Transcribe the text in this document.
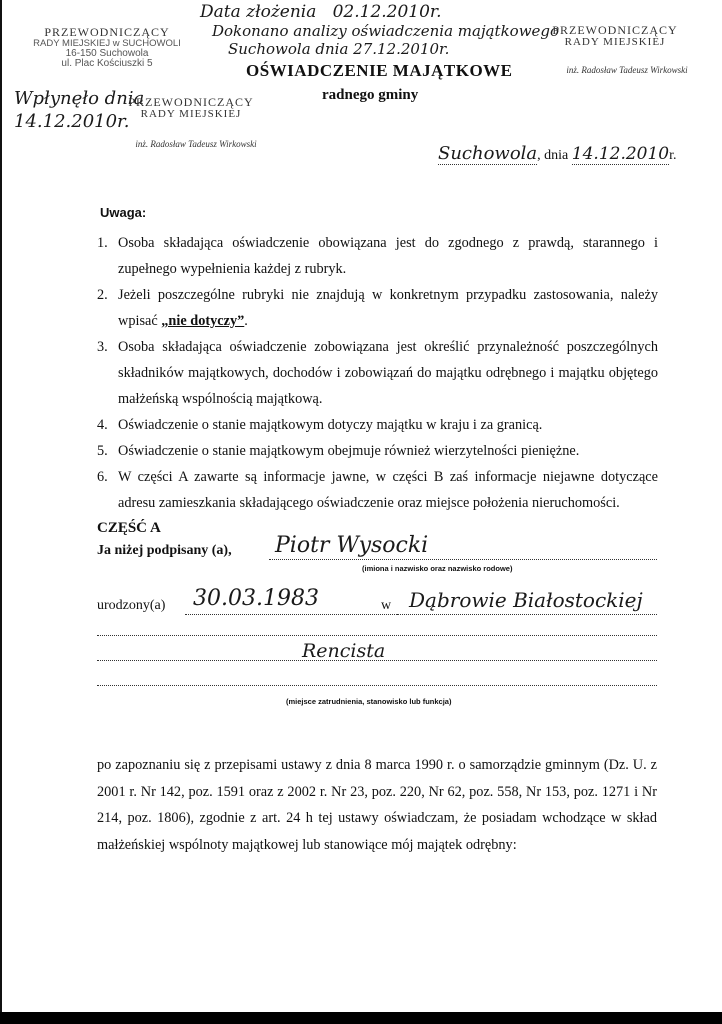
PRZEWODNICZĄCY
RADY MIEJSKIEJ w SUCHOWOLI
16-150 Suchowola
ul. Plac Kościuszki 5
Data złożenia   02.12.2010r.
Dokonano analizy oświadczenia majątkowego
Suchowola dnia 27.12.2010r.
PRZEWODNICZĄCY
RADY MIEJSKIEJ
inż. Radosław Tadeusz Wirkowski
OŚWIADCZENIE MAJĄTKOWE
radnego gminy
Wpłynęło dnia
14.12.2010r.
PRZEWODNICZĄCY
RADY MIEJSKIEJ
inż. Radosław Tadeusz Wirkowski	Suchowola, dnia 14.12.2010r.
Uwaga:
1. Osoba składająca oświadczenie obowiązana jest do zgodnego z prawdą, starannego i zupełnego wypełnienia każdej z rubryk.
2. Jeżeli poszczególne rubryki nie znajdują w konkretnym przypadku zastosowania, należy wpisać „nie dotyczy”.
3. Osoba składająca oświadczenie zobowiązana jest określić przynależność poszczególnych składników majątkowych, dochodów i zobowiązań do majątku odrębnego i majątku objętego małżeńską wspólnością majątkową.
4. Oświadczenie o stanie majątkowym dotyczy majątku w kraju i za granicą.
5. Oświadczenie o stanie majątkowym obejmuje również wierzytelności pieniężne.
6. W części A zawarte są informacje jawne, w części B zaś informacje niejawne dotyczące adresu zamieszkania składającego oświadczenie oraz miejsce położenia nieruchomości.
CZĘŚĆ A
Ja niżej podpisany (a), Piotr Wysocki
(imiona i nazwisko oraz nazwisko rodowe)
urodzony(a) 30.03.1983	w Dąbrowie Białostockiej
Rencista
(miejsce zatrudnienia, stanowisko lub funkcja)
po zapoznaniu się z przepisami ustawy z dnia 8 marca 1990 r. o samorządzie gminnym (Dz. U. z 2001 r. Nr 142, poz. 1591 oraz z 2002 r. Nr 23, poz. 220, Nr 62, poz. 558, Nr 153, poz. 1271 i Nr 214, poz. 1806), zgodnie z art. 24 h tej ustawy oświadczam, że posiadam wchodzące w skład małżeńskiej wspólnoty majątkowej lub stanowiące mój majątek odrębny:
